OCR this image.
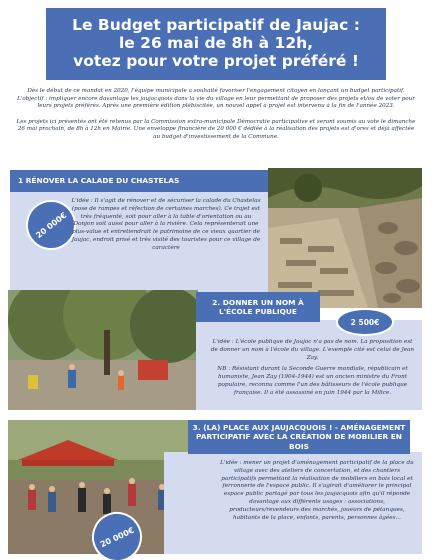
Le Budget participatif de Jaujac :
le 26 mai de 8h à 12h,
votez pour votre projet préféré !

Dès le début de ce mandat en 2020, l'équipe municipale a souhaité favoriser l'engagement citoyen en lançant un budget participatif. L'objectif : impliquer encore davantage les jaujacquois dans la vie du village en leur permettant de proposer des projets et/ou de voter pour leurs projets préférés. Après une première édition plébiscitée, un nouvel appel à projet est intervenu à la fin de l'année 2023.

Les projets ici présentés ont été retenus par la Commission extra-municipale Démocratie participative et seront soumis au vote le dimanche 26 mai prochain, de 8h à 12h en Mairie. Une enveloppe financière de 20 000 € dédiée à la réalisation des projets est d'ores et déjà affectée au budget d'investissement de la Commune.

1 RÉNOVER LA CALADE DU CHASTELAS
20 000€
L'idée : Il s'agit de rénover et de sécuriser la calade du Chastelas (pose de rampes et réfection de certaines marches). Ce trajet est très fréquenté, soit pour aller à la table d'orientation ou au Donjon soit aussi pour aller à la rivière. Cela représenterait une plus-value et entretiendrait le patrimoine de ce vieux quartier de Jaujac, endroit prisé et très visité des touristes pour ce village de caractère
2. DONNER UN NOM À L'ÉCOLE PUBLIQUE
2 500€

L'idée : L'école publique de Jaujac n'a pas de nom. La proposition est de donner un nom à l'école du village. L'exemple cité est celui de Jean Zay.

NB : Résistant durant la Seconde Guerre mondiale, républicain et humaniste, Jean Zay (1904-1944) est un ancien ministre du Front populaire, reconnu comme l'un des bâtisseurs de l'école publique française. Il a été assassiné en juin 1944 par la Milice.

3. (LA) PLACE AUX JAUJACQUOIS ! - AMÉNAGEMENT PARTICIPATIF AVEC LA CRÉATION DE MOBILIER EN BOIS
20 000€
L'idée : mener un projet d'aménagement participatif de la place du village avec des ateliers de concertation, et des chantiers participatifs permettant la réalisation de mobiliers en bois local et ferronnerie de l'espace public. Il s'agirait d'améliorer le principal espace public partagé par tous les jaujacquois afin qu'il réponde davantage aux différents usages : associations, producteurs/revendeurs des marchés, joueurs de pétanques, habitants de la place, enfants, parents, personnes âgées...
